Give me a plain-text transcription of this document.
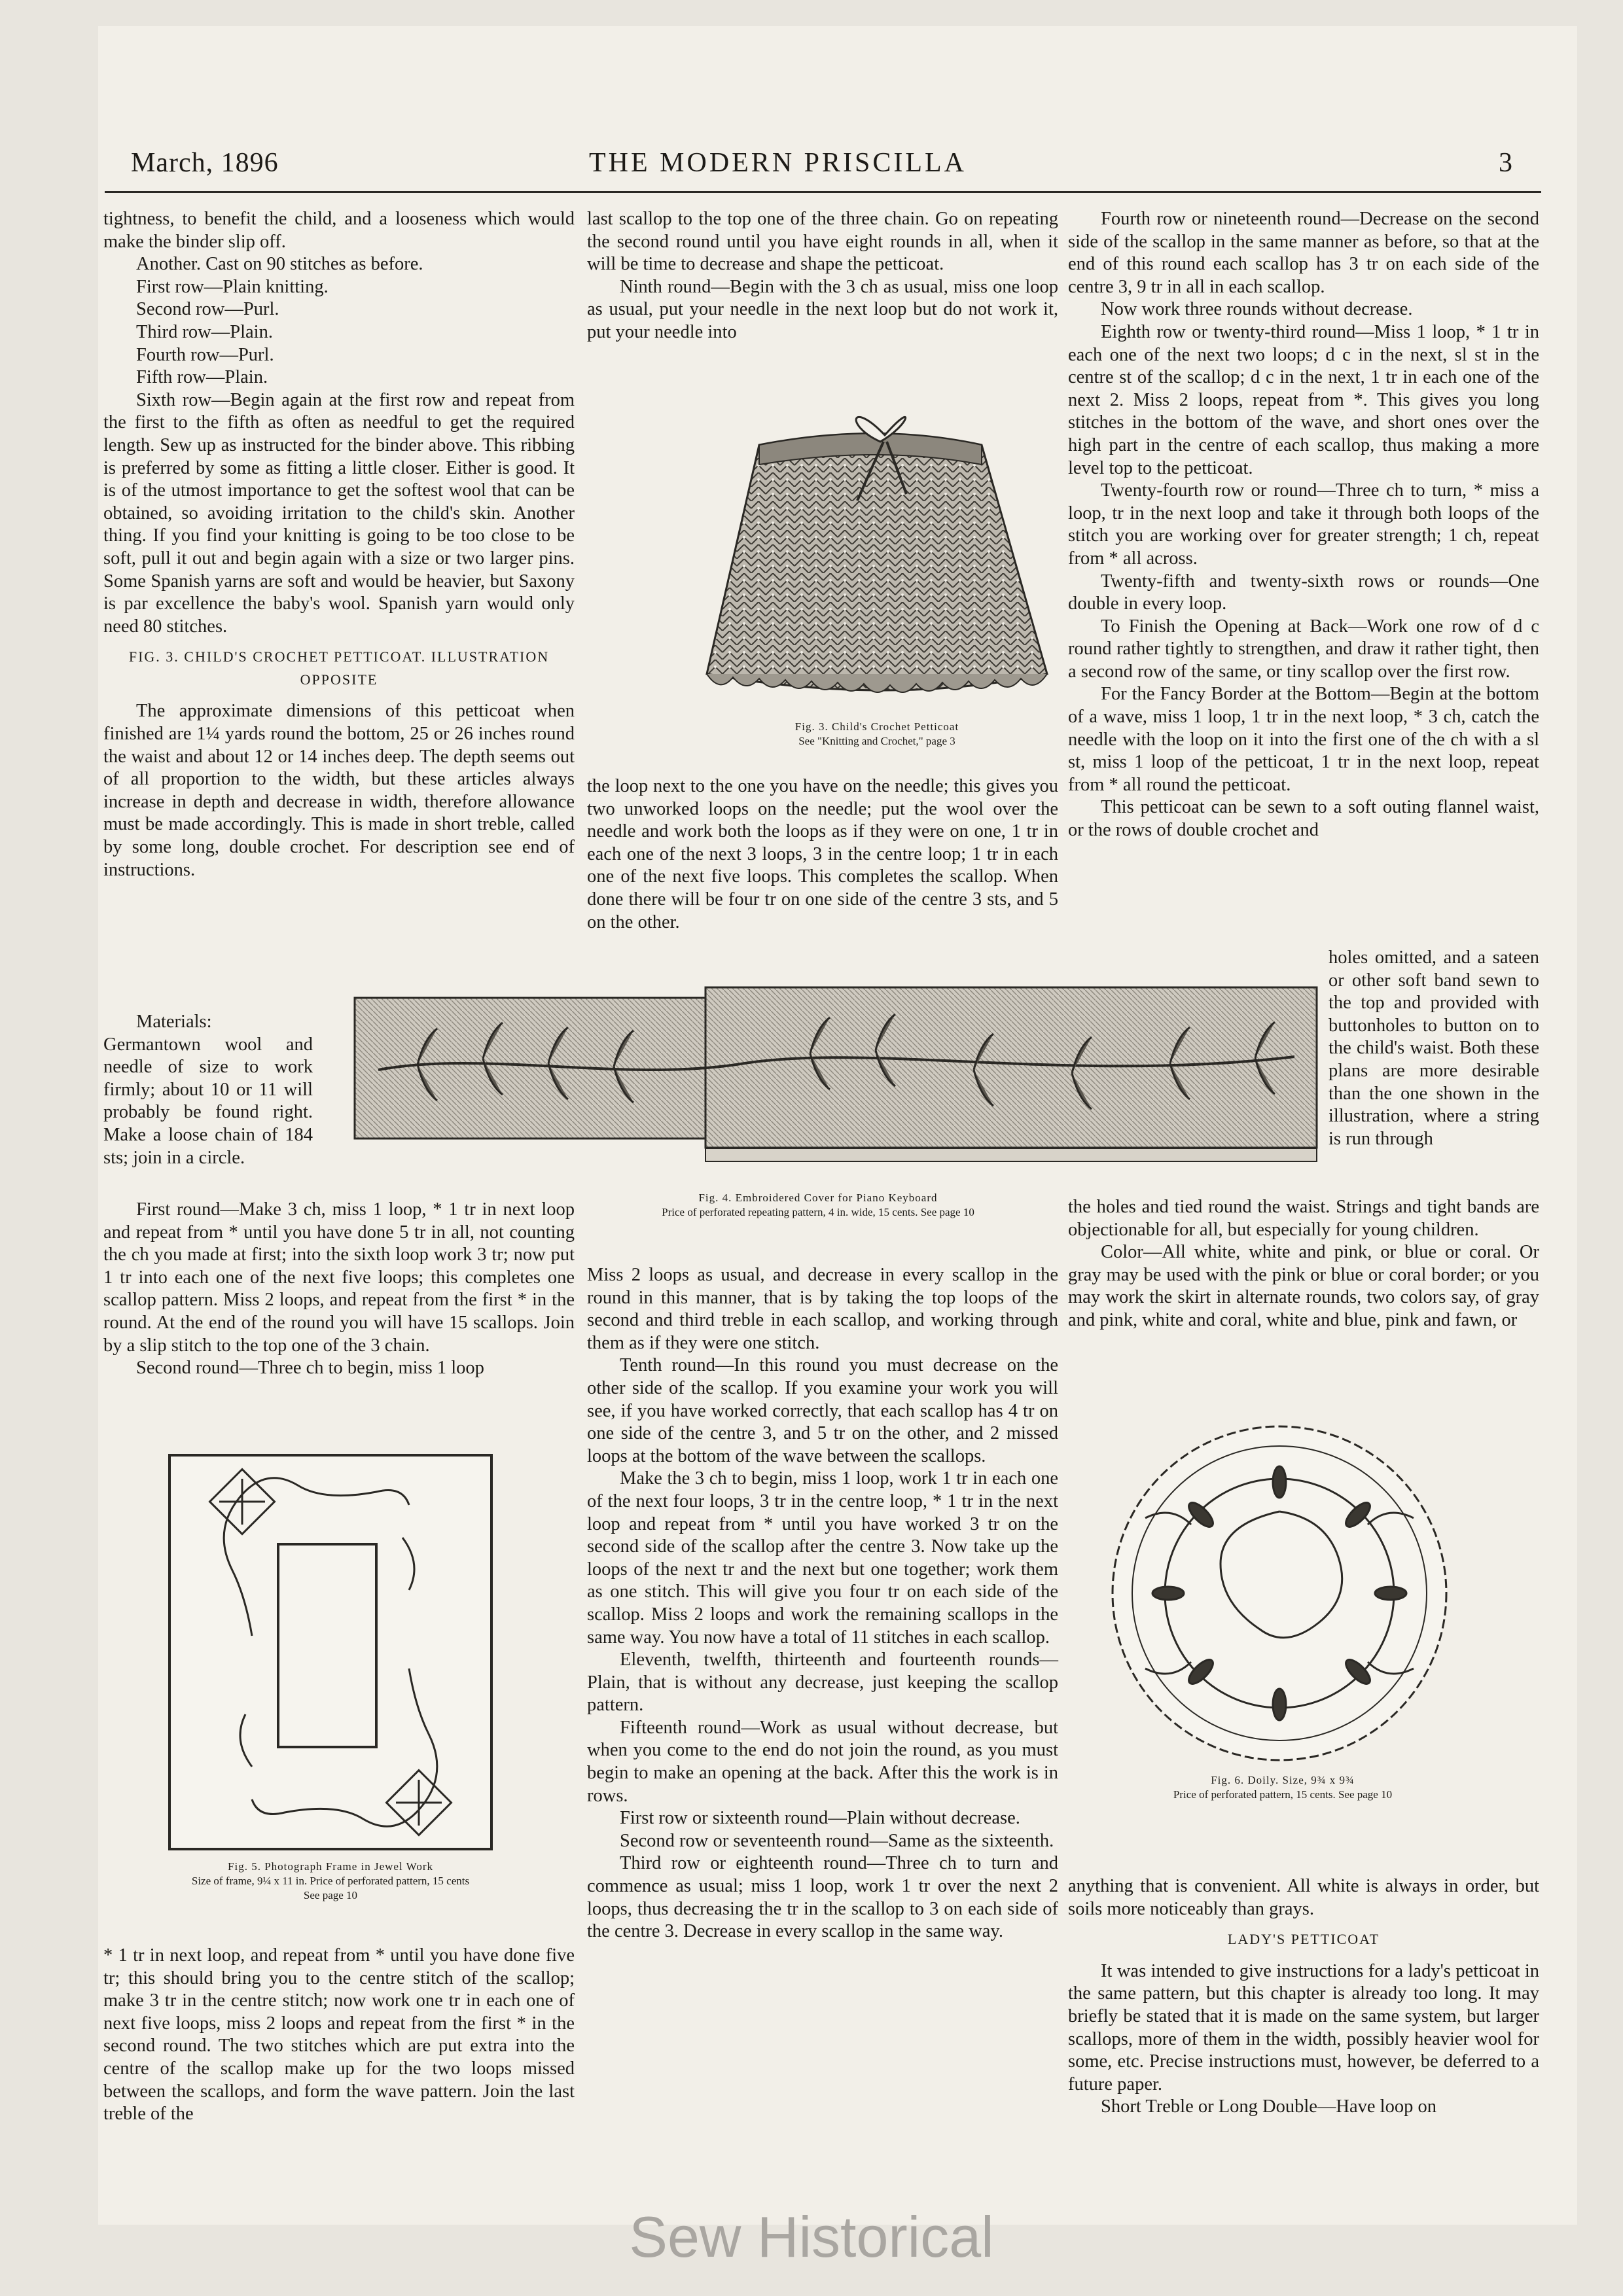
March, 1896	THE MODERN PRISCILLA	3

tightness, to benefit the child, and a looseness which would make the binder slip off.

Another. Cast on 90 stitches as before.

First row—Plain knitting.

Second row—Purl.

Third row—Plain.

Fourth row—Purl.

Fifth row—Plain.

Sixth row—Begin again at the first row and repeat from the first to the fifth as often as needful to get the required length. Sew up as instructed for the binder above. This ribbing is preferred by some as fitting a little closer. Either is good. It is of the utmost importance to get the softest wool that can be obtained, so avoiding irritation to the child's skin. Another thing. If you find your knitting is going to be too close to be soft, pull it out and begin again with a size or two larger pins. Some Spanish yarns are soft and would be heavier, but Saxony is par excellence the baby's wool. Spanish yarn would only need 80 stitches.

FIG. 3. CHILD'S CROCHET PETTICOAT. ILLUSTRATION OPPOSITE

The approximate dimensions of this petticoat when finished are 1¼ yards round the bottom, 25 or 26 inches round the waist and about 12 or 14 inches deep. The depth seems out of all proportion to the width, but these articles always increase in depth and decrease in width, therefore allowance must be made accordingly. This is made in short treble, called by some long, double crochet. For description see end of instructions.

Materials: Germantown wool and needle of size to work firmly; about 10 or 11 will probably be found right. Make a loose chain of 184 sts; join in a circle.

First round—Make 3 ch, miss 1 loop, * 1 tr in next loop and repeat from * until you have done 5 tr in all, not counting the ch you made at first; into the sixth loop work 3 tr; now put 1 tr into each one of the next five loops; this completes one scallop pattern. Miss 2 loops, and repeat from the first * in the round. At the end of the round you will have 15 scallops. Join by a slip stitch to the top one of the 3 chain.

Second round—Three ch to begin, miss 1 loop

* 1 tr in next loop, and repeat from * until you have done five tr; this should bring you to the centre stitch of the scallop; make 3 tr in the centre stitch; now work one tr in each one of next five loops, miss 2 loops and repeat from the first * in the second round. The two stitches which are put extra into the centre of the scallop make up for the two loops missed between the scallops, and form the wave pattern. Join the last treble of the

last scallop to the top one of the three chain. Go on repeating the second round until you have eight rounds in all, when it will be time to decrease and shape the petticoat.

Ninth round—Begin with the 3 ch as usual, miss one loop as usual, put your needle in the next loop but do not work it, put your needle into

the loop next to the one you have on the needle; this gives you two unworked loops on the needle; put the wool over the needle and work both the loops as if they were on one, 1 tr in each one of the next 3 loops, 3 in the centre loop; 1 tr in each one of the next five loops. This completes the scallop. When done there will be four tr on one side of the centre 3 sts, and 5 on the other.

Miss 2 loops as usual, and decrease in every scallop in the round in this manner, that is by taking the top loops of the second and third treble in each scallop, and working through them as if they were one stitch.

Tenth round—In this round you must decrease on the other side of the scallop. If you examine your work you will see, if you have worked correctly, that each scallop has 4 tr on one side of the centre 3, and 5 tr on the other, and 2 missed loops at the bottom of the wave between the scallops.

Make the 3 ch to begin, miss 1 loop, work 1 tr in each one of the next four loops, 3 tr in the centre loop, * 1 tr in the next loop and repeat from * until you have worked 3 tr on the second side of the scallop after the centre 3. Now take up the loops of the next tr and the next but one together; work them as one stitch. This will give you four tr on each side of the scallop. Miss 2 loops and work the remaining scallops in the same way. You now have a total of 11 stitches in each scallop.

Eleventh, twelfth, thirteenth and fourteenth rounds—Plain, that is without any decrease, just keeping the scallop pattern.

Fifteenth round—Work as usual without decrease, but when you come to the end do not join the round, as you must begin to make an opening at the back. After this the work is in rows.

First row or sixteenth round—Plain without decrease.

Second row or seventeenth round—Same as the sixteenth.

Third row or eighteenth round—Three ch to turn and commence as usual; miss 1 loop, work 1 tr over the next 2 loops, thus decreasing the tr in the scallop to 3 on each side of the centre 3. Decrease in every scallop in the same way.

Fourth row or nineteenth round—Decrease on the second side of the scallop in the same manner as before, so that at the end of this round each scallop has 3 tr on each side of the centre 3, 9 tr in all in each scallop.

Now work three rounds without decrease.

Eighth row or twenty-third round—Miss 1 loop, * 1 tr in each one of the next two loops; d c in the next, sl st in the centre st of the scallop; d c in the next, 1 tr in each one of the next 2. Miss 2 loops, repeat from *. This gives you long stitches in the bottom of the wave, and short ones over the high part in the centre of each scallop, thus making a more level top to the petticoat.

Twenty-fourth row or round—Three ch to turn, * miss a loop, tr in the next loop and take it through both loops of the stitch you are working over for greater strength; 1 ch, repeat from * all across.

Twenty-fifth and twenty-sixth rows or rounds—One double in every loop.

To Finish the Opening at Back—Work one row of d c round rather tightly to strengthen, and draw it rather tight, then a second row of the same, or tiny scallop over the first row.

For the Fancy Border at the Bottom—Begin at the bottom of a wave, miss 1 loop, 1 tr in the next loop, * 3 ch, catch the needle with the loop on it into the first one of the ch with a sl st, miss 1 loop of the petticoat, 1 tr in the next loop, repeat from * all round the petticoat.

This petticoat can be sewn to a soft outing flannel waist, or the rows of double crochet and

holes omitted, and a sateen or other soft band sewn to the top and provided with buttonholes to button on to the child's waist. Both these plans are more desirable than the one shown in the illustration, where a string is run through

the holes and tied round the waist. Strings and tight bands are objectionable for all, but especially for young children.

Color—All white, white and pink, or blue or coral. Or gray may be used with the pink or blue or coral border; or you may work the skirt in alternate rounds, two colors say, of gray and pink, white and coral, white and blue, pink and fawn, or

anything that is convenient. All white is always in order, but soils more noticeably than grays.

LADY'S PETTICOAT

It was intended to give instructions for a lady's petticoat in the same pattern, but this chapter is already too long. It may briefly be stated that it is made on the same system, but larger scallops, more of them in the width, possibly heavier wool for some, etc. Precise instructions must, however, be deferred to a future paper.

Short Treble or Long Double—Have loop on

Fig. 3. Child's Crochet Petticoat
See "Knitting and Crochet," page 3
Fig. 4. Embroidered Cover for Piano Keyboard
Price of perforated repeating pattern, 4 in. wide, 15 cents. See page 10
Fig. 5. Photograph Frame in Jewel Work
Size of frame, 9¼ x 11 in. Price of perforated pattern, 15 cents
See page 10
Fig. 6. Doily. Size, 9¾ x 9¾
Price of perforated pattern, 15 cents. See page 10
Sew Historical
